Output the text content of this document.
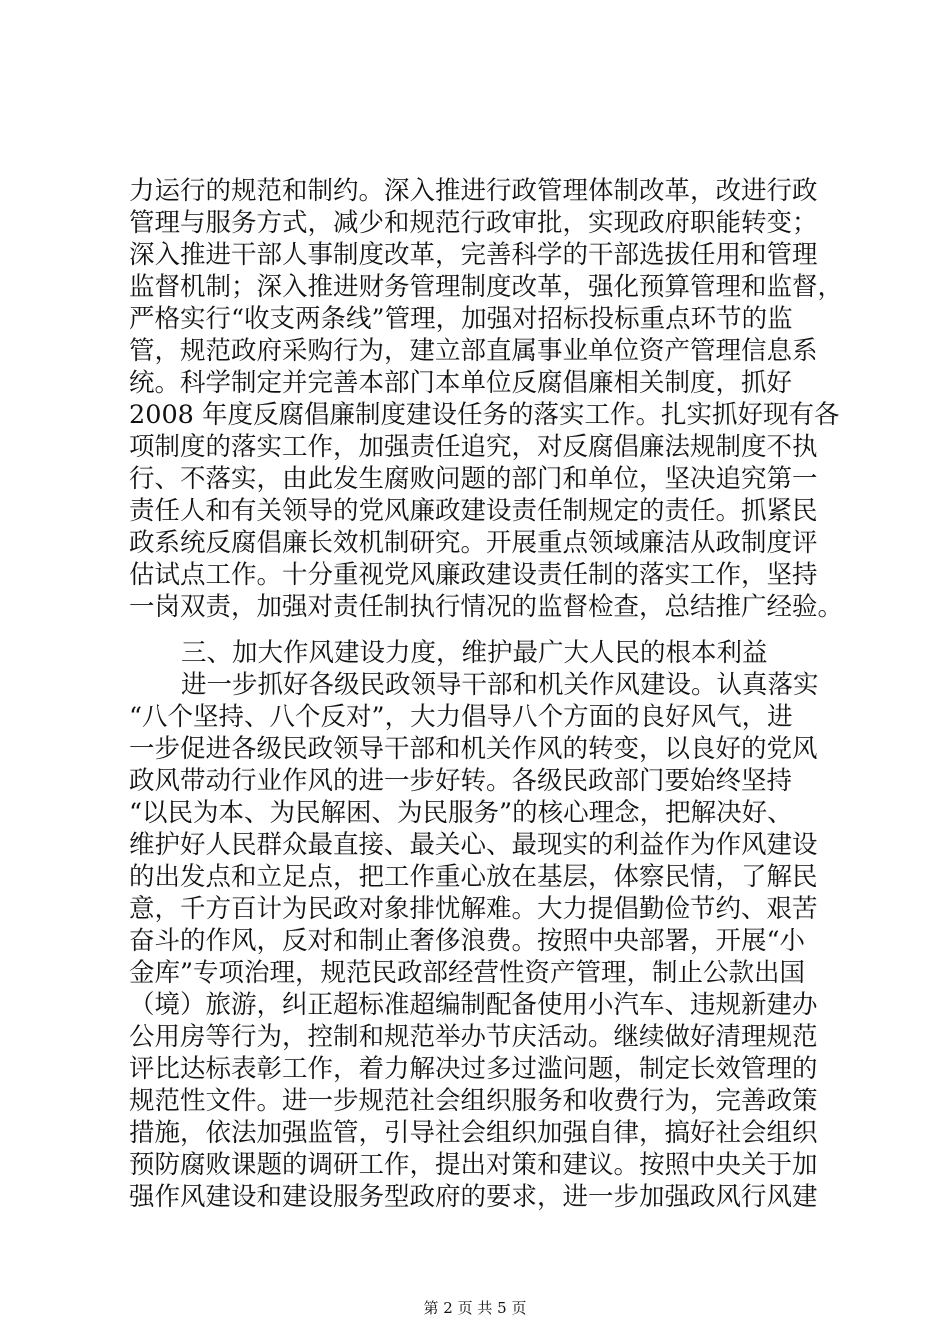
力运行的规范和制约。深入推进行政管理体制改革，改进行政
管理与服务方式，减少和规范行政审批，实现政府职能转变；
深入推进干部人事制度改革，完善科学的干部选拔任用和管理
监督机制；深入推进财务管理制度改革，强化预算管理和监督，
严格实行“收支两条线”管理，加强对招标投标重点环节的监
管，规范政府采购行为，建立部直属事业单位资产管理信息系
统。科学制定并完善本部门本单位反腐倡廉相关制度，抓好
2008 年度反腐倡廉制度建设任务的落实工作。扎实抓好现有各
项制度的落实工作，加强责任追究，对反腐倡廉法规制度不执
行、不落实，由此发生腐败问题的部门和单位，坚决追究第一
责任人和有关领导的党风廉政建设责任制规定的责任。抓紧民
政系统反腐倡廉长效机制研究。开展重点领域廉洁从政制度评
估试点工作。十分重视党风廉政建设责任制的落实工作，坚持
一岗双责，加强对责任制执行情况的监督检查，总结推广经验。
三、加大作风建设力度，维护最广大人民的根本利益
进一步抓好各级民政领导干部和机关作风建设。认真落实
“八个坚持、八个反对”，大力倡导八个方面的良好风气，进
一步促进各级民政领导干部和机关作风的转变，以良好的党风
政风带动行业作风的进一步好转。各级民政部门要始终坚持
“以民为本、为民解困、为民服务”的核心理念，把解决好、
维护好人民群众最直接、最关心、最现实的利益作为作风建设
的出发点和立足点，把工作重心放在基层，体察民情，了解民
意，千方百计为民政对象排忧解难。大力提倡勤俭节约、艰苦
奋斗的作风，反对和制止奢侈浪费。按照中央部署，开展“小
金库”专项治理，规范民政部经营性资产管理，制止公款出国
（境）旅游，纠正超标准超编制配备使用小汽车、违规新建办
公用房等行为，控制和规范举办节庆活动。继续做好清理规范
评比达标表彰工作，着力解决过多过滥问题，制定长效管理的
规范性文件。进一步规范社会组织服务和收费行为，完善政策
措施，依法加强监管，引导社会组织加强自律，搞好社会组织
预防腐败课题的调研工作，提出对策和建议。按照中央关于加
强作风建设和建设服务型政府的要求，进一步加强政风行风建
第 2 页 共 5 页
